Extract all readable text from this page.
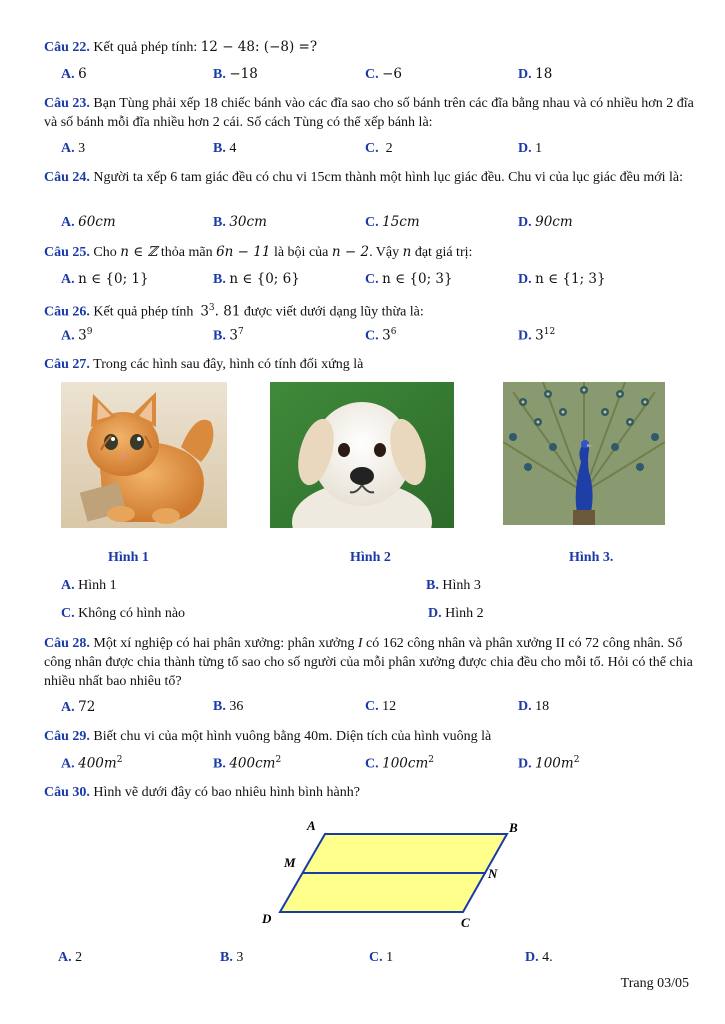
Câu 22. Kết quả phép tính: 12 − 48: (−8) =?
A. 6	B. −18	C. −6	D. 18
Câu 23. Bạn Tùng phải xếp 18 chiếc bánh vào các đĩa sao cho số bánh trên các đĩa bằng nhau và có nhiều hơn 2 đĩa và số bánh mỗi đĩa nhiều hơn 2 cái. Số cách Tùng có thể xếp bánh là:
A. 3	B. 4	C. 2	D. 1
Câu 24. Người ta xếp 6 tam giác đều có chu vi 15cm thành một hình lục giác đều. Chu vi của lục giác đều mới là:
A. 60cm	B. 30cm	C. 15cm	D. 90cm
Câu 25. Cho n ∈ ℤ thỏa mãn 6n − 11 là bội của n − 2. Vậy n đạt giá trị:
A. n ∈ {0; 1}	B. n ∈ {0; 6}	C. n ∈ {0; 3}	D. n ∈ {1; 3}
Câu 26. Kết quả phép tính  $3^3$. 81 được viết dưới dạng lũy thừa là:
A. $3^9$	B. $3^7$	C. $3^6$	D. $3^{12}$
Câu 27. Trong các hình sau đây, hình có tính đối xứng là
Hình 1	Hình 2	Hình 3.
A. Hình 1	B. Hình 3
C. Không có hình nào	D. Hình 2
Câu 28. Một xí nghiệp có hai phân xưởng: phân xưởng I có 162 công nhân và phân xưởng II có 72 công nhân. Số công nhân được chia thành từng tổ sao cho số người của mỗi phân xưởng được chia đều cho mỗi tổ. Hỏi có thể chia nhiều nhất bao nhiêu tổ?
A. 72	B. 36	C. 12	D. 18
Câu 29. Biết chu vi của một hình vuông bằng 40m. Diện tích của hình vuông là
A. $400m^2$	B. $400cm^2$	C. $100cm^2$	D. $100m^2$
Câu 30. Hình vẽ dưới đây có bao nhiêu hình bình hành?
A	B
M
N
D	C
A. 2	B. 3	C. 1	D. 4.
Trang 03/05
